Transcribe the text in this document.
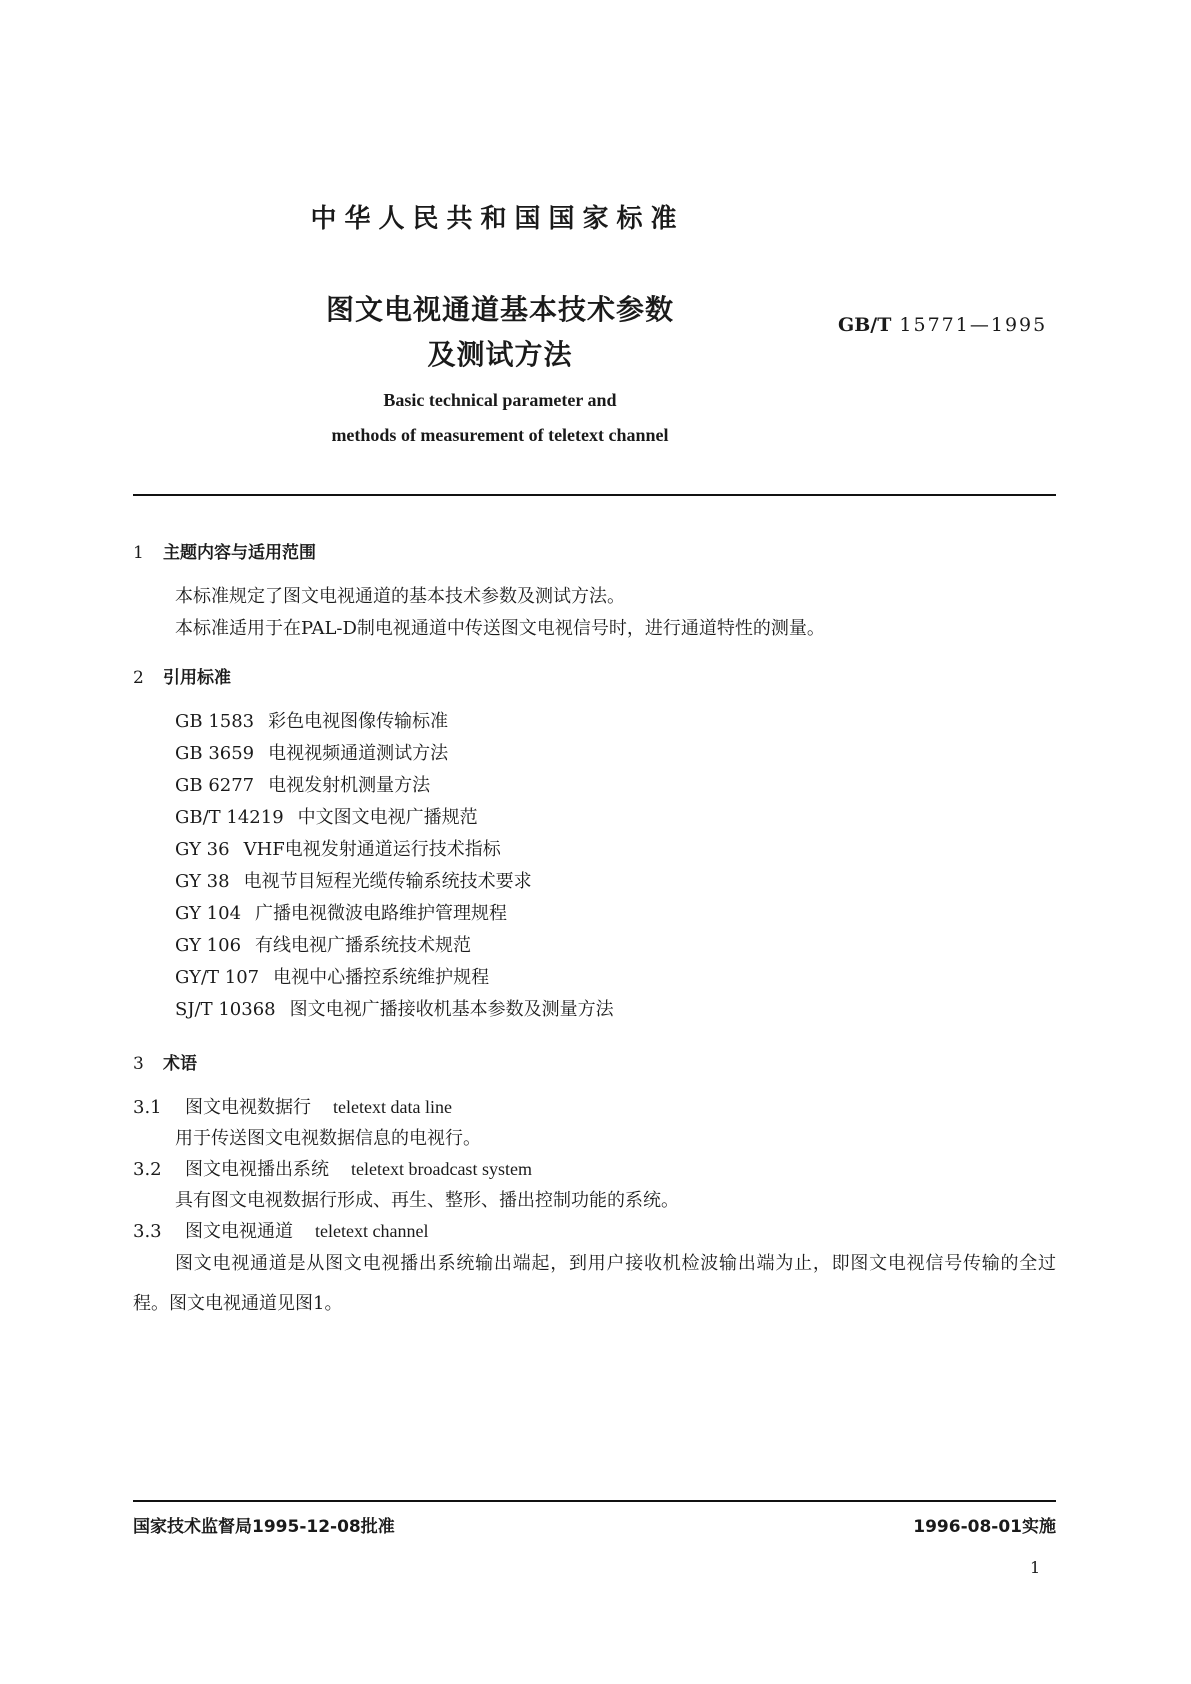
中华人民共和国国家标准
图文电视通道基本技术参数
及测试方法
GB/T 15771—1995
Basic technical parameter and
methods of measurement of teletext channel
1 主题内容与适用范围
本标准规定了图文电视通道的基本技术参数及测试方法。
本标准适用于在PAL-D制电视通道中传送图文电视信号时，进行通道特性的测量。
2 引用标准
GB 1583 彩色电视图像传输标准
GB 3659 电视视频通道测试方法
GB 6277 电视发射机测量方法
GB/T 14219 中文图文电视广播规范
GY 36 VHF电视发射通道运行技术指标
GY 38 电视节目短程光缆传输系统技术要求
GY 104 广播电视微波电路维护管理规程
GY 106 有线电视广播系统技术规范
GY/T 107 电视中心播控系统维护规程
SJ/T 10368 图文电视广播接收机基本参数及测量方法
3 术语
3.1 图文电视数据行 teletext data line
用于传送图文电视数据信息的电视行。
3.2 图文电视播出系统 teletext broadcast system
具有图文电视数据行形成、再生、整形、播出控制功能的系统。
3.3 图文电视通道 teletext channel
图文电视通道是从图文电视播出系统输出端起，到用户接收机检波输出端为止，即图文电视信号传输的全过程。图文电视通道见图1。
国家技术监督局1995-12-08批准	1996-08-01实施
1
